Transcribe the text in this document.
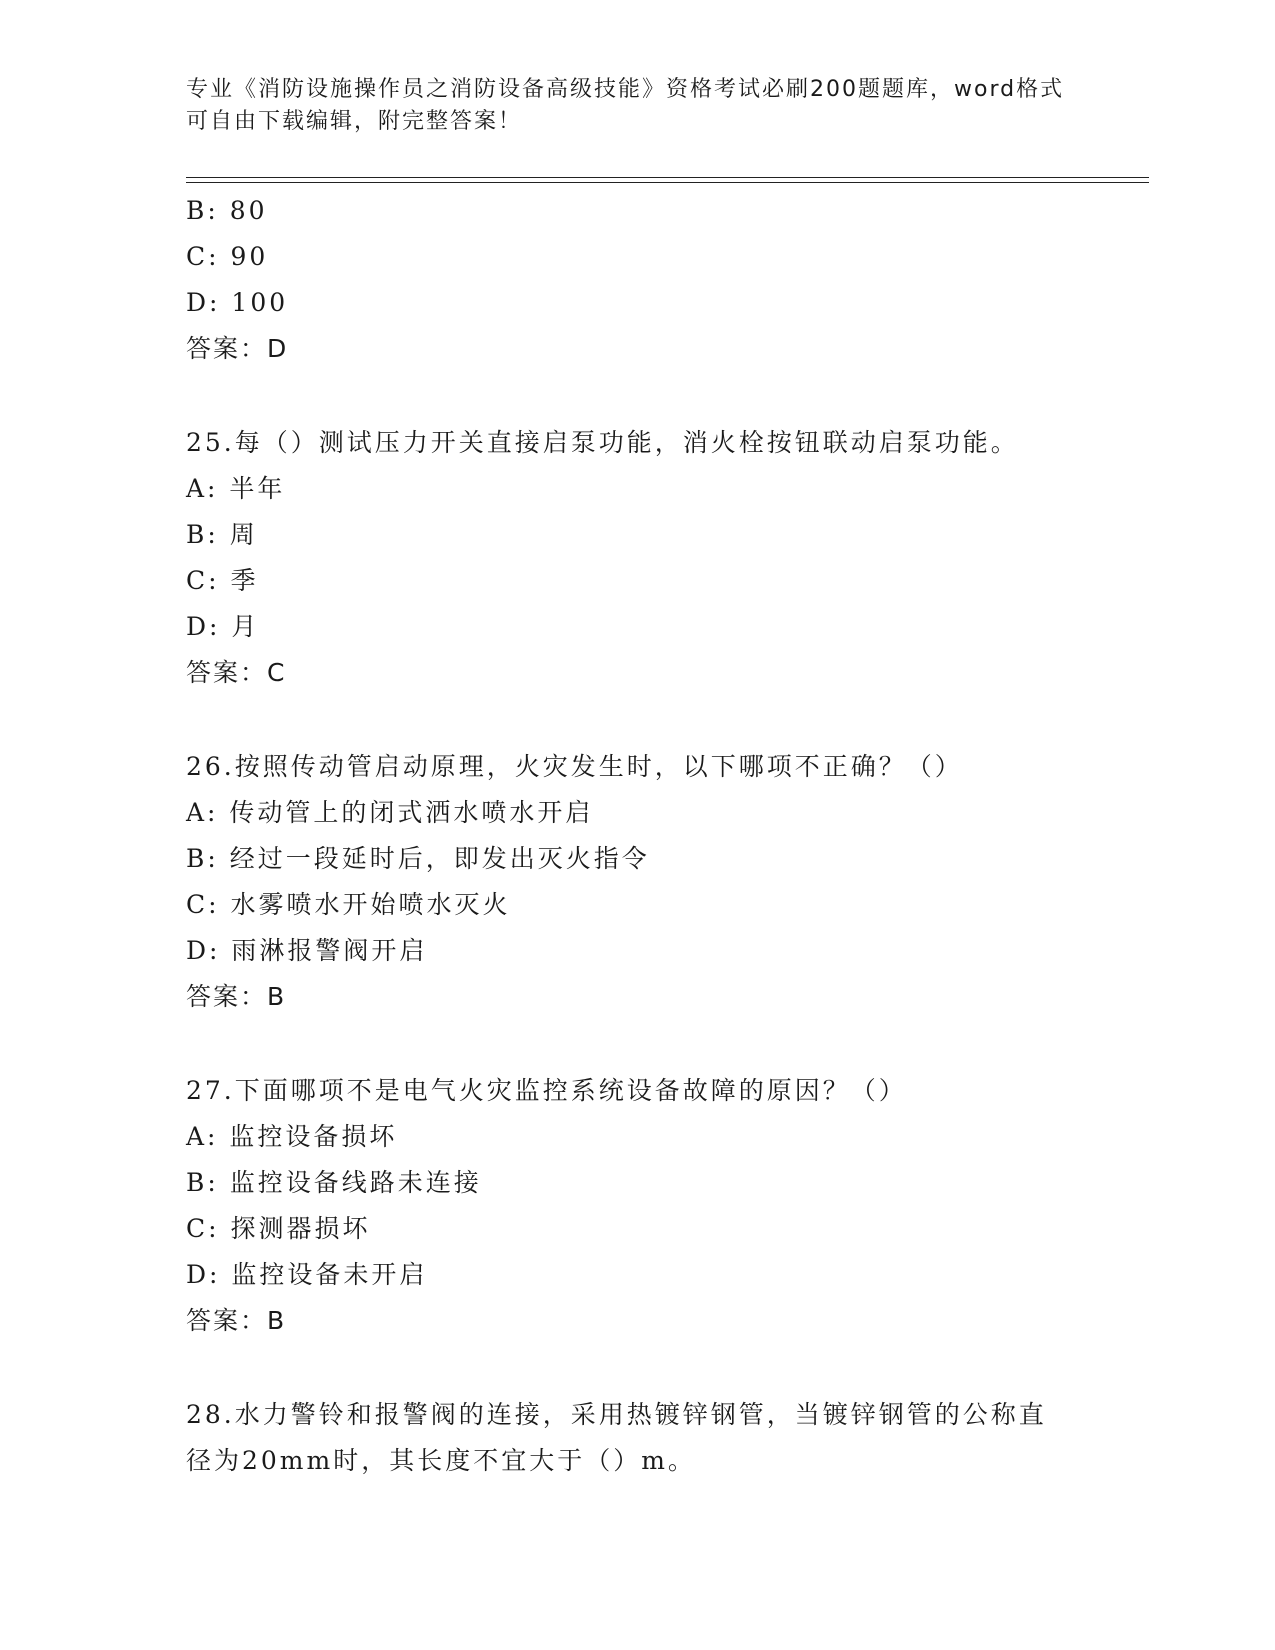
专业《消防设施操作员之消防设备高级技能》资格考试必刷200题题库，word格式可自由下载编辑，附完整答案！
B: 80
C: 90
D: 100
答案：D
25.每（）测试压力开关直接启泵功能，消火栓按钮联动启泵功能。
A: 半年
B: 周
C: 季
D: 月
答案：C
26.按照传动管启动原理，火灾发生时，以下哪项不正确？（）
A: 传动管上的闭式洒水喷水开启
B: 经过一段延时后，即发出灭火指令
C: 水雾喷水开始喷水灭火
D: 雨淋报警阀开启
答案：B
27.下面哪项不是电气火灾监控系统设备故障的原因？（）
A: 监控设备损坏
B: 监控设备线路未连接
C: 探测器损坏
D: 监控设备未开启
答案：B
28.水力警铃和报警阀的连接，采用热镀锌钢管，当镀锌钢管的公称直径为20mm时，其长度不宜大于（）m。
